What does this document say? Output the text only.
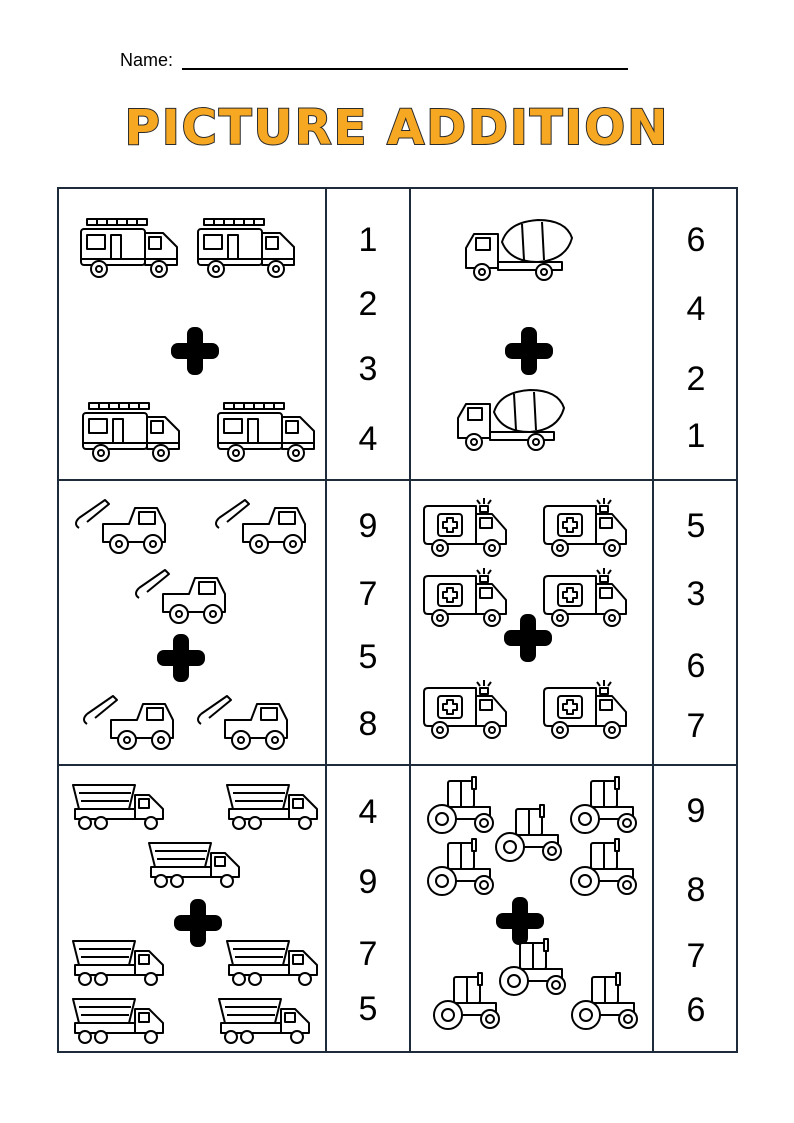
Name:
PICTURE ADDITION
1
2
3
4
6
4
2
1
9
7
5
8
5
3
6
7
4
9
7
5
9
8
7
6
